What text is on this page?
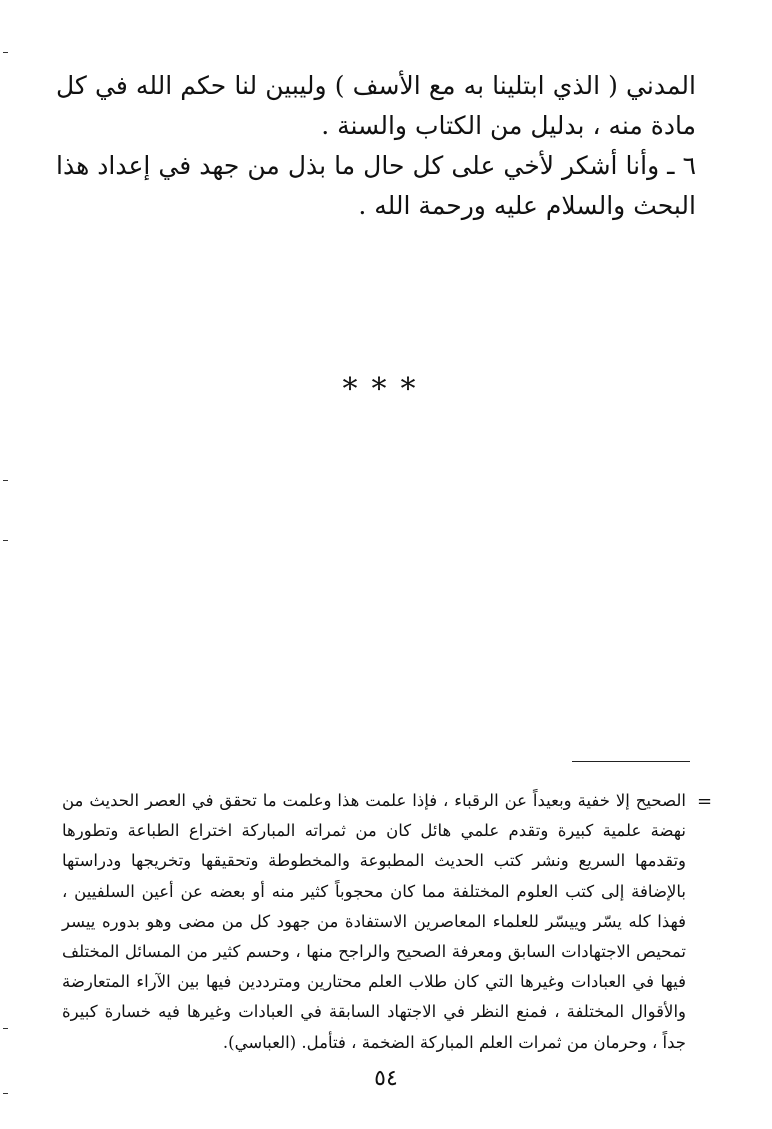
المدني ( الذي ابتلينا به مع الأسف ) وليبين لنا حكم الله في كل مادة منه ، بدليل من الكتاب والسنة .

٦ ـ وأنا أشكر لأخي على كل حال ما بذل من جهد في إعداد هذا البحث والسلام عليه ورحمة الله .

***
=

الصحيح إلا خفية وبعيداً عن الرقباء ، فإذا علمت هذا وعلمت ما تحقق في العصر الحديث من نهضة علمية كبيرة وتقدم علمي هائل كان من ثمراته المباركة اختراع الطباعة وتطورها وتقدمها السريع ونشر كتب الحديث المطبوعة والمخطوطة وتحقيقها وتخريجها ودراستها بالإضافة إلى كتب العلوم المختلفة مما كان محجوباً كثير منه أو بعضه عن أعين السلفيين ، فهذا كله يسّر وييسّر للعلماء المعاصرين الاستفادة من جهود كل من مضى وهو بدوره ييسر تمحيص الاجتهادات السابق ومعرفة الصحيح والراجح منها ، وحسم كثير من المسائل المختلف فيها في العبادات وغيرها التي كان طلاب العلم محتارين ومترددين فيها بين الآراء المتعارضة والأقوال المختلفة ، فمنع النظر في الاجتهاد السابقة في العبادات وغيرها فيه خسارة كبيرة جداً ، وحرمان من ثمرات العلم المباركة الضخمة ، فتأمل. (العباسي).

٥٤
